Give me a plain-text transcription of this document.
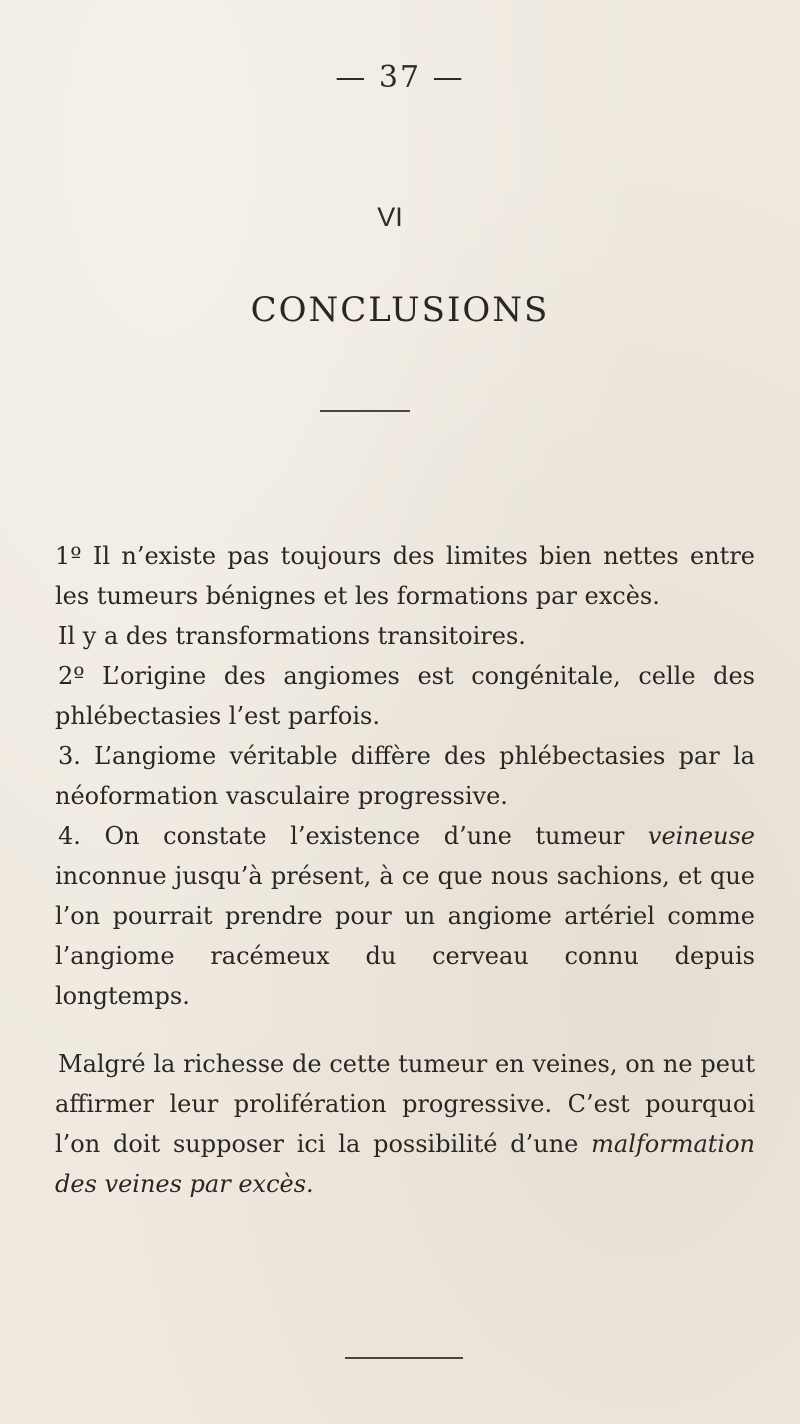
— 37 —
VI
CONCLUSIONS

1º Il n’existe pas toujours des limites bien nettes entre les tumeurs bénignes et les formations par excès.

Il y a des transformations transitoires.

2º L’origine des angiomes est congénitale, celle des phlébectasies l’est parfois.

3. L’angiome véritable diffère des phlébectasies par la néoformation vasculaire progressive.

4. On constate l’existence d’une tumeur veineuse inconnue jusqu’à présent, à ce que nous sachions, et que l’on pourrait prendre pour un angiome artériel comme l’angiome racémeux du cerveau connu depuis longtemps.

Malgré la richesse de cette tumeur en veines, on ne peut affirmer leur prolifération progressive. C’est pourquoi l’on doit supposer ici la possibilité d’une malformation des veines par excès.
